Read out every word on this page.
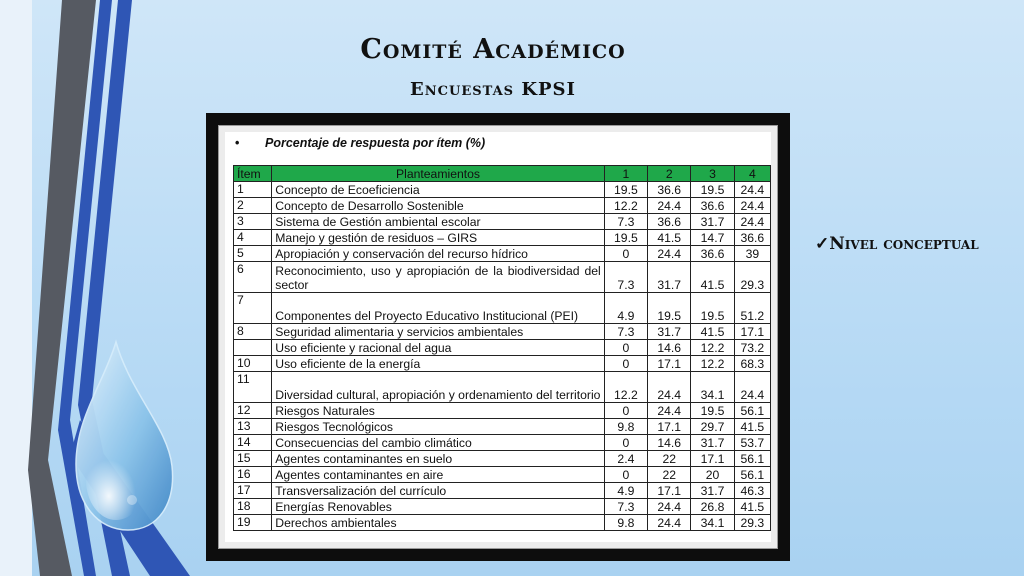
Comité Académico
Encuestas KPSI
✓Nivel conceptual
• Porcentaje de respuesta por ítem (%)
Ítem	Planteamientos	1	2	3	4
1	Concepto de Ecoeficiencia	19.5	36.6	19.5	24.4
2	Concepto de Desarrollo Sostenible	12.2	24.4	36.6	24.4
3	Sistema de Gestión ambiental escolar	7.3	36.6	31.7	24.4
4	Manejo y gestión de residuos – GIRS	19.5	41.5	14.7	36.6
5	Apropiación y conservación del recurso hídrico	0	24.4	36.6	39
6	Reconocimiento, uso y apropiación de la biodiversidad del sector	7.3	31.7	41.5	29.3
7	Componentes del Proyecto Educativo Institucional (PEI)	4.9	19.5	19.5	51.2
8	Seguridad alimentaria y servicios ambientales	7.3	31.7	41.5	17.1
	Uso eficiente y racional del agua	0	14.6	12.2	73.2
10	Uso eficiente de la energía	0	17.1	12.2	68.3
11	Diversidad cultural, apropiación y ordenamiento del territorio	12.2	24.4	34.1	24.4
12	Riesgos Naturales	0	24.4	19.5	56.1
13	Riesgos Tecnológicos	9.8	17.1	29.7	41.5
14	Consecuencias del cambio climático	0	14.6	31.7	53.7
15	Agentes contaminantes en suelo	2.4	22	17.1	56.1
16	Agentes contaminantes en aire	0	22	20	56.1
17	Transversalización del currículo	4.9	17.1	31.7	46.3
18	Energías Renovables	7.3	24.4	26.8	41.5
19	Derechos ambientales	9.8	24.4	34.1	29.3
